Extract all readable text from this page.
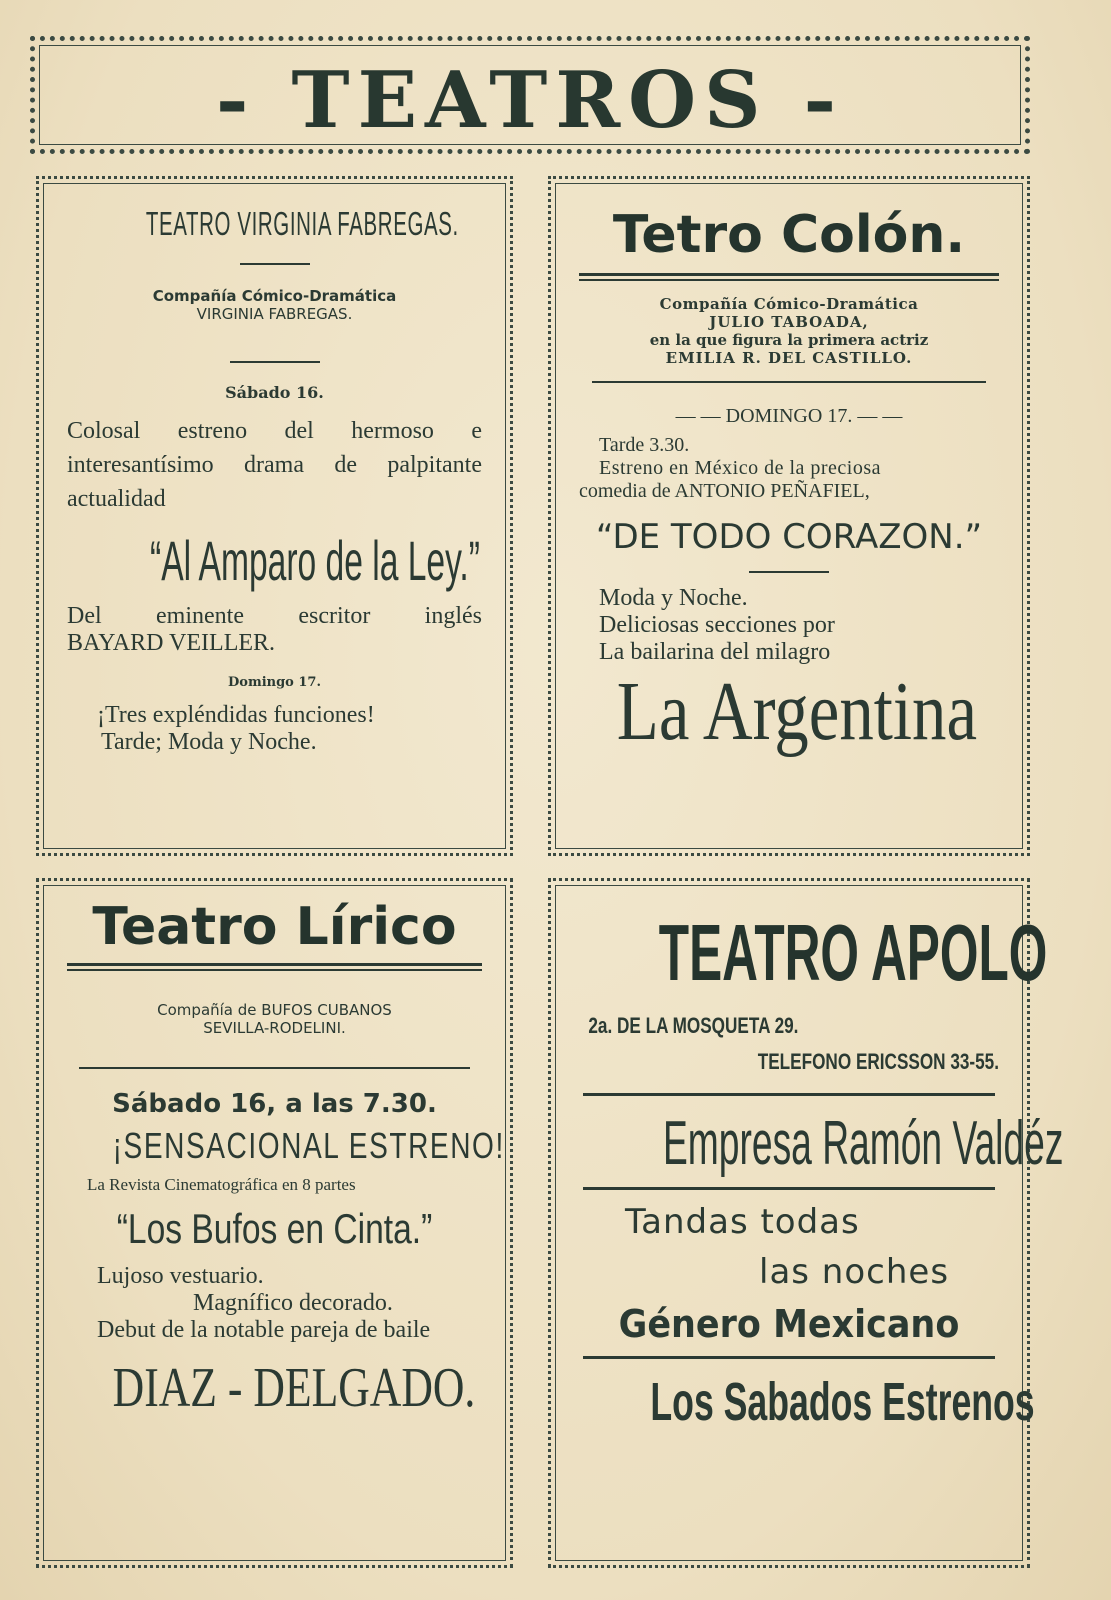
- TEATROS -
TEATRO VIRGINIA FABREGAS.
Compañía Cómico-Dramática
VIRGINIA FABREGAS.
Sábado 16.

Colosal estreno del hermoso e interesantísimo drama de palpitante actualidad

“Al Amparo de la Ley.”
Del eminente escritor inglés
BAYARD VEILLER.
Domingo 17.
¡Tres expléndidas funciones!
Tarde; Moda y Noche.
Tetro Colón.
Compañía Cómico-Dramática
JULIO TABOADA,
en la que figura la primera actriz
EMILIA R. DEL CASTILLO.
— — DOMINGO 17. — —
Tarde 3.30.
Estreno en México de la preciosa
comedia de ANTONIO PEÑAFIEL,
“DE TODO CORAZON.”
Moda y Noche.
Deliciosas secciones por
La bailarina del milagro
La Argentina
Teatro Lírico
Compañía de BUFOS CUBANOS
SEVILLA-RODELINI.
Sábado 16, a las 7.30.
¡SENSACIONAL ESTRENO!

La Revista Cinematográfica en 8 partes

“Los Bufos en Cinta.”
Lujoso vestuario.
Magnífico decorado.

Debut de la notable pareja de baile

DIAZ - DELGADO.
TEATRO APOLO
2a. DE LA MOSQUETA 29.
TELEFONO ERICSSON 33-55.
Empresa Ramón Valdéz
Tandas todas
las noches
Género Mexicano
Los Sabados Estrenos
